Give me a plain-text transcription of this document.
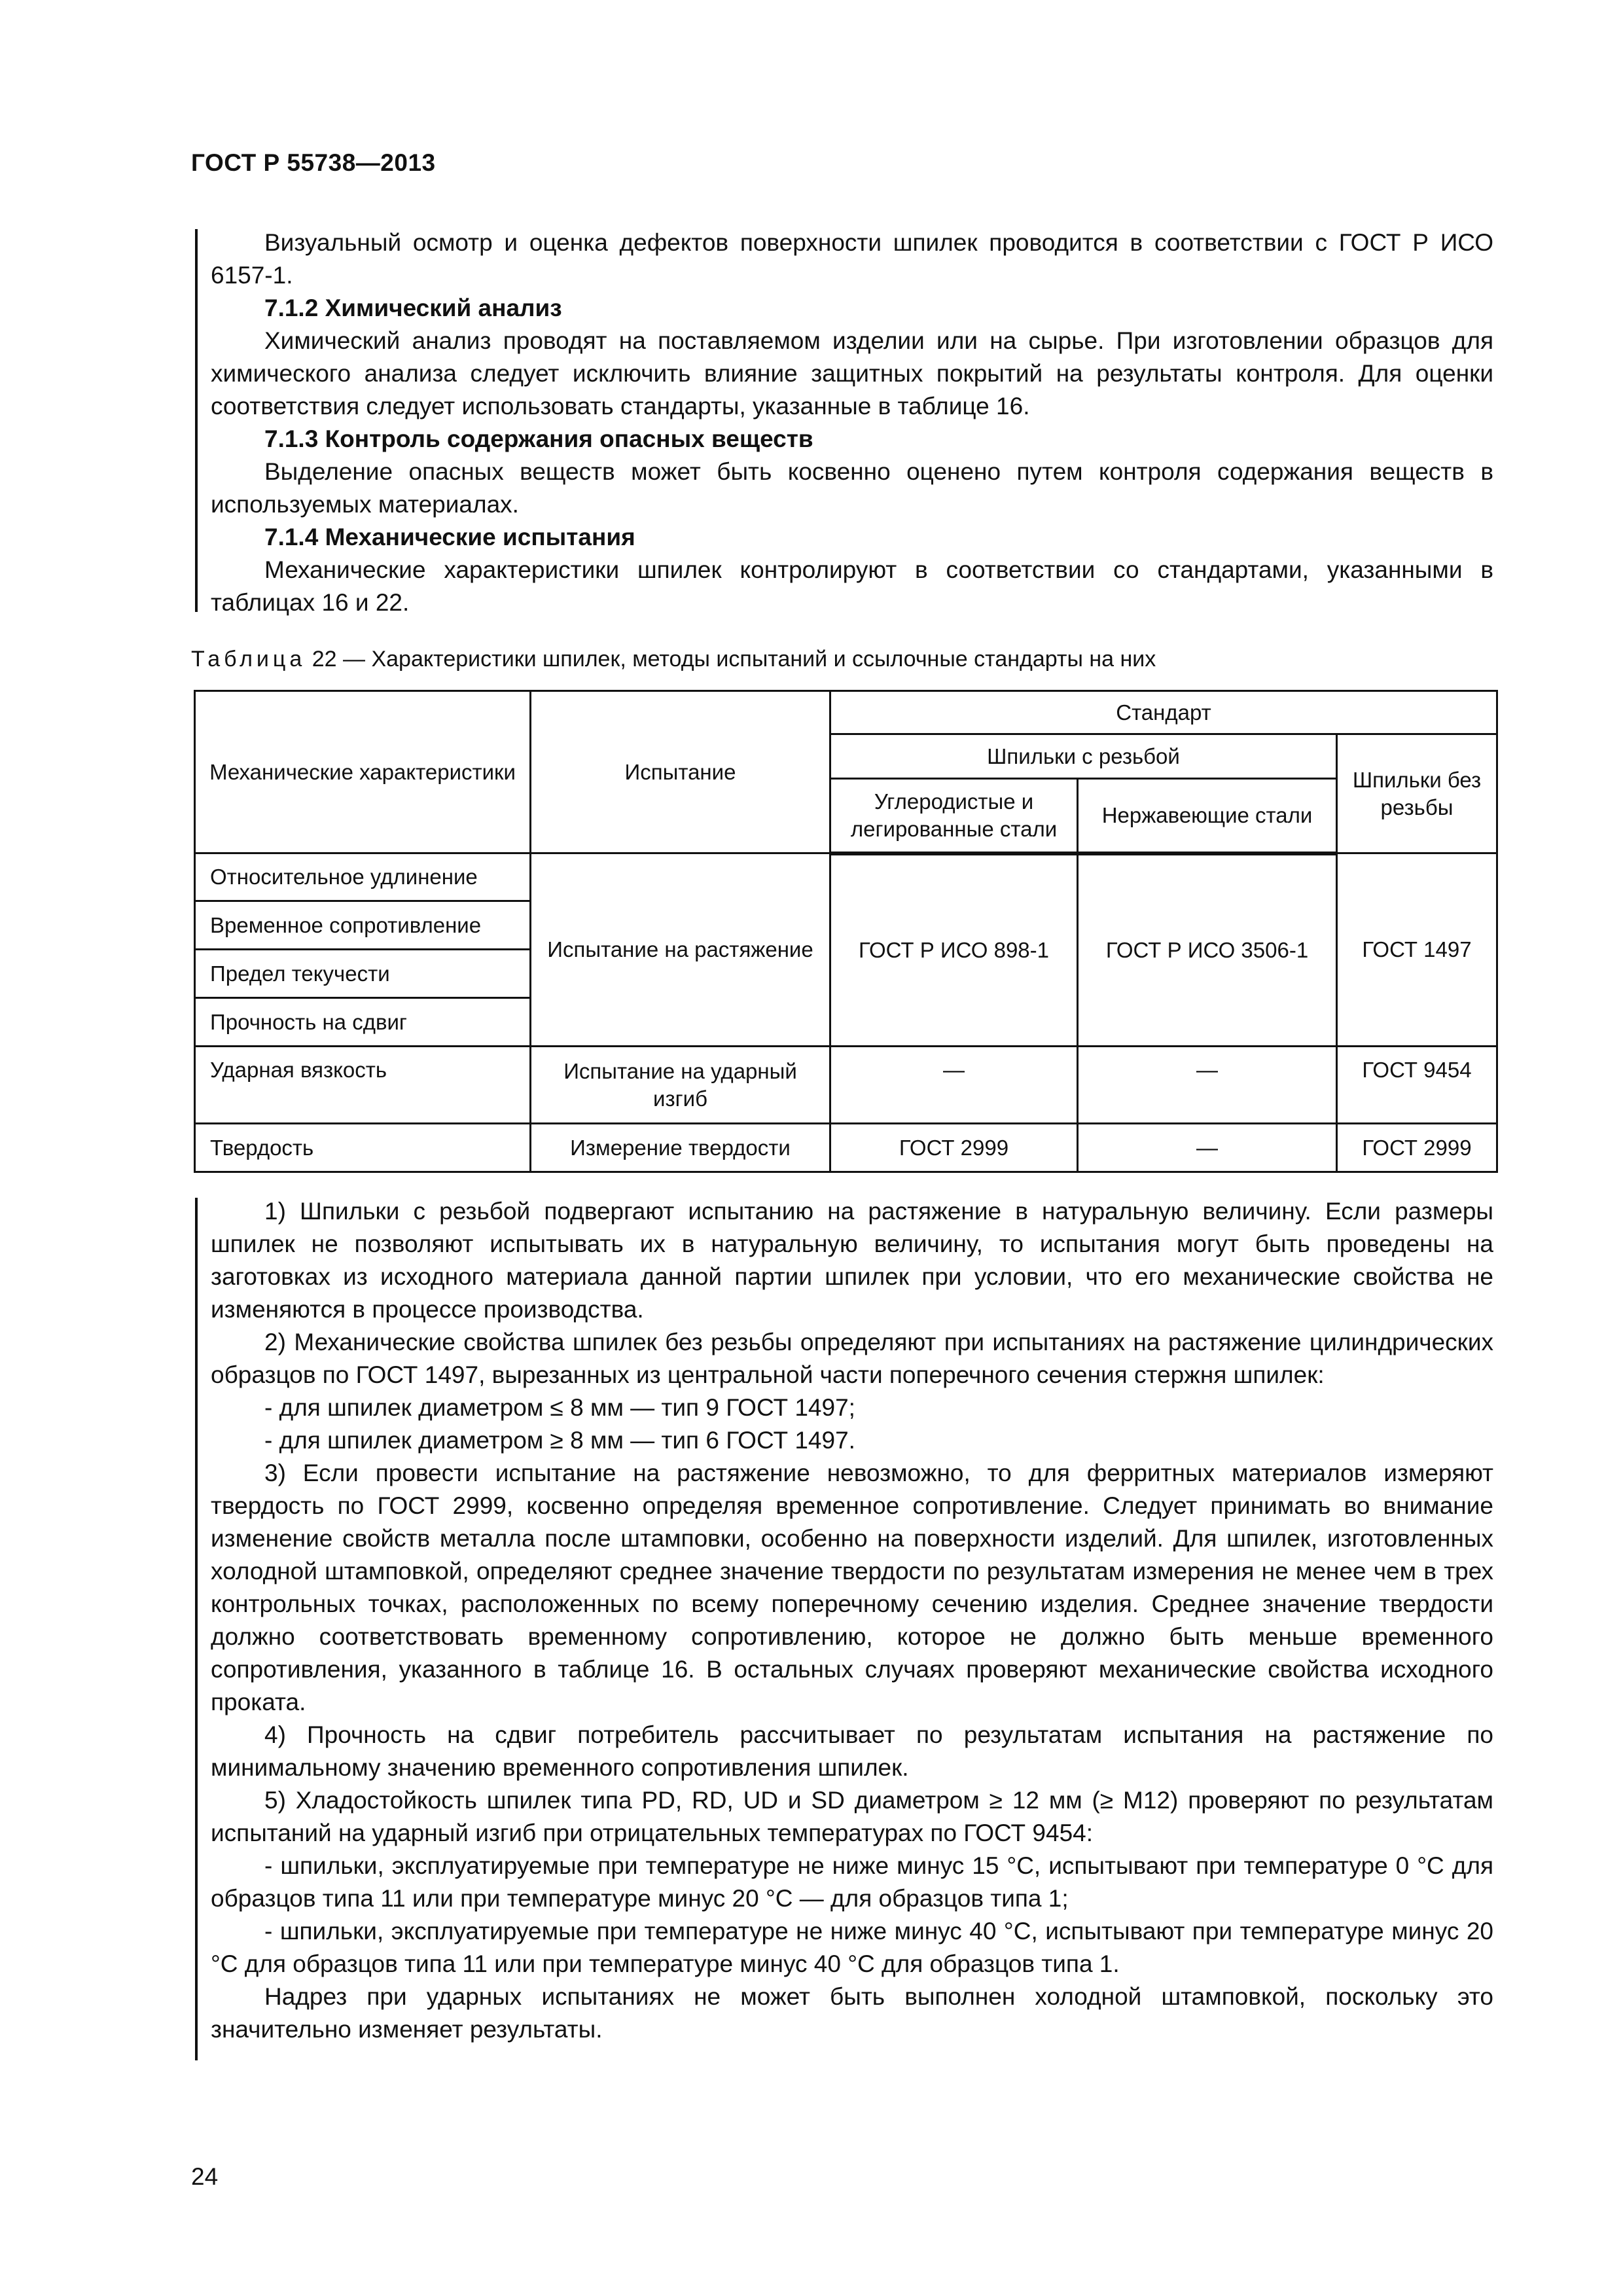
ГОСТ Р 55738—2013

Визуальный осмотр и оценка дефектов поверхности шпилек проводится в соответствии с ГОСТ Р ИСО 6157-1.

7.1.2 Химический анализ

Химический анализ проводят на поставляемом изделии или на сырье. При изготовлении образцов для химического анализа следует исключить влияние защитных покрытий на результаты контроля. Для оценки соответствия следует использовать стандарты, указанные в таблице 16.

7.1.3 Контроль содержания опасных веществ

Выделение опасных веществ может быть косвенно оценено путем контроля содержания веществ в используемых материалах.

7.1.4 Механические испытания

Механические характеристики шпилек контролируют в соответствии со стандартами, указанными в таблицах 16 и 22.

Таблица 22 — Характеристики шпилек, методы испытаний и ссылочные стандарты на них
Механические характеристики	Испытание	Стандарт		
		Шпильки с резьбой		Шпильки без резьбы
		Углеродистые и легированные стали	Нержавеющие стали	
Относительное удлинение	Испытание на растяжение	ГОСТ Р ИСО 898-1	ГОСТ Р ИСО 3506-1	ГОСТ 1497
Временное сопротивление				
Предел текучести				
Прочность на сдвиг				
Ударная вязкость	Испытание на ударный изгиб	—	—	ГОСТ 9454
Твердость	Измерение твердости	ГОСТ 2999	—	ГОСТ 2999

1) Шпильки с резьбой подвергают испытанию на растяжение в натуральную величину. Если размеры шпилек не позволяют испытывать их в натуральную величину, то испытания могут быть проведены на заготовках из исходного материала данной партии шпилек при условии, что его механические свойства не изменяются в процессе производства.

2) Механические свойства шпилек без резьбы определяют при испытаниях на растяжение цилиндрических образцов по ГОСТ 1497, вырезанных из центральной части поперечного сечения стержня шпилек:

- для шпилек диаметром ≤ 8 мм — тип 9 ГОСТ 1497;

- для шпилек диаметром ≥ 8 мм — тип 6 ГОСТ 1497.

3) Если провести испытание на растяжение невозможно, то для ферритных материалов измеряют твердость по ГОСТ 2999, косвенно определяя временное сопротивление. Следует принимать во внимание изменение свойств металла после штамповки, особенно на поверхности изделий. Для шпилек, изготовленных холодной штамповкой, определяют среднее значение твердости по результатам измерения не менее чем в трех контрольных точках, расположенных по всему поперечному сечению изделия. Среднее значение твердости должно соответствовать временному сопротивлению, которое не должно быть меньше временного сопротивления, указанного в таблице 16. В остальных случаях проверяют механические свойства исходного проката.

4) Прочность на сдвиг потребитель рассчитывает по результатам испытания на растяжение по минимальному значению временного сопротивления шпилек.

5) Хладостойкость шпилек типа PD, RD, UD и SD диаметром ≥ 12 мм (≥ М12) проверяют по результатам испытаний на ударный изгиб при отрицательных температурах по ГОСТ 9454:

- шпильки, эксплуатируемые при температуре не ниже минус 15 °С, испытывают при температуре 0 °С для образцов типа 11 или при температуре минус 20 °С — для образцов типа 1;

- шпильки, эксплуатируемые при температуре не ниже минус 40 °С, испытывают при температуре минус 20 °С для образцов типа 11 или при температуре минус 40 °С для образцов типа 1.

Надрез при ударных испытаниях не может быть выполнен холодной штамповкой, поскольку это значительно изменяет результаты.

24
